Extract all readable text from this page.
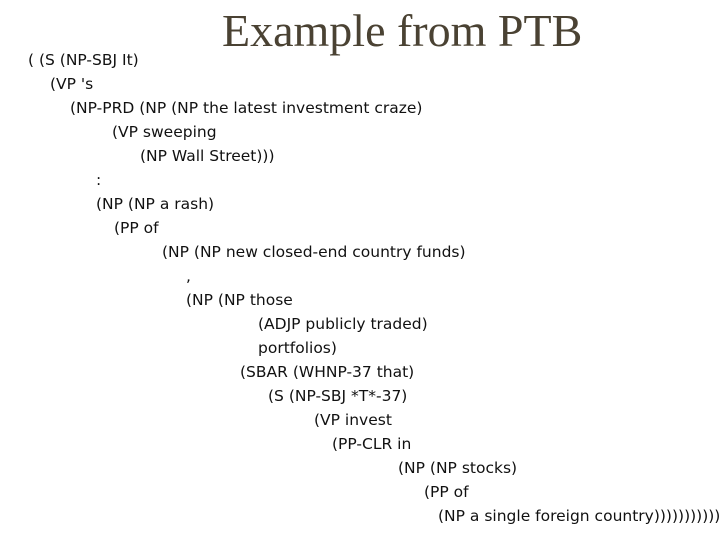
Example from PTB
( (S (NP-SBJ It)
(VP 's
(NP-PRD (NP (NP the latest investment craze)
(VP sweeping
(NP Wall Street)))
:
(NP (NP a rash)
(PP of
(NP (NP new closed-end country funds)
,
(NP (NP those
(ADJP publicly traded)
portfolios)
(SBAR (WHNP-37 that)
(S (NP-SBJ *T*-37)
(VP invest
(PP-CLR in
(NP (NP stocks)
(PP of
(NP a single foreign country)))))))))))
